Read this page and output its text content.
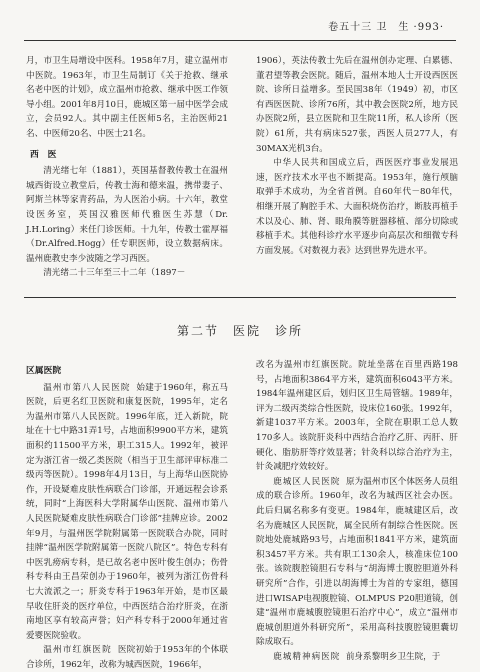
卷五十三 卫　生 ·993·

月，市卫生局增设中医科。1958年7月，建立温州市中医院。1963年，市卫生局制订《关于抢救、继承名老中医的计划》，成立温州市抢救、继承中医工作领导小组。2001年8月10日，鹿城区第一届中医学会成立，会员92人。其中副主任医师5名，主治医师21名、中医师20名、中医士21名。

西　医

清光绪七年（1881），英国基督教传教士在温州城西街设立教堂后，传教士海和德来温，携带妻子、阿斯兰林等家青药品，为人医治小病。十六年，教堂设医务室，英国汉雅医师代雅医生苏慧（Dr. J.H.Loring）来任门诊医师。十九年，传教士霍厚福（Dr.Alfred.Hogg）任专职医师，设立数据病床。温州鹿教史李少波随之学习西医。

清光绪二十三年至三十二年（1897－

1906），英法传教士先后在温州创办定理、白累德、董君望等教会医院。随后，温州本地人士开设西医医院、诊所日益增多。至民国38年（1949）初，市区有西医医院、诊所76所，其中教会医院2所，地方民办医院2所，县立医院和卫生院11所，私人诊所（医院）61所，共有病床527张，西医人员277人，有30MAX光机3台。

中华人民共和国成立后，西医医疗事业发展迅速，医疗技术水平也不断提高。1953年，施行颅脑取弹手术成功，为全省首例。自60年代－80年代，相继开展了胸腔手术、大面积烧伤治疗，断肢再植手术以及心、肺、肾、眼角膜等脏器移植、部分切除或移植手术。其他科诊疗水平逐步向高层次和细微专科方面发展。《对数视力表》达到世界先进水平。

第二节　医院　诊所

区属医院

温州市第八人民医院 始建于1960年，称五马医院，后更名红卫医院和康复医院，1995年，定名为温州市第八人民医院。1996年底，迁入新院，院址在十七中路31弄1号，占地面积9900平方米，建筑面积约11500平方米，职工315人。1992年，被评定为浙江省一级乙类医院（相当于卫生部评审标准二级丙等医院）。1998年4月13日，与上海华山医院协作，开设疑难皮肤性病联合门诊部，开通远程会诊系统，同时“上海医科大学附属华山医院、温州市第八人民医院疑难皮肤性病联合门诊部”挂牌应诊。2002年9月，与温州医学院附属第一医院联合办院，同时挂牌“温州医学院附属第一医院八院区”。特色专科有中医乳痨病专科，是已故名老中医叶俊生创办；伤骨科专科由王昌荣创办于1960年，被列为浙江伤骨科七大流派之一；肝炎专科于1963年开始，是市区最早收住肝炎的医疗单位，中西医结合治疗肝炎，在浙南地区享有较高声誉；妇产科专科于2000年通过省爱婴医院验收。

温州市红旗医院 医院初始于1953年的个体联合诊所，1962年，改称为城西医院，1966年，

改名为温州市红旗医院。院址坐落在百里西路198号，占地面积3864平方米，建筑面积6043平方米。1984年温州建区后，划归区卫生局管辖。1989年，评为二级丙类综合性医院，设床位160张。1992年，新建1037平方米。2003年，全院在职职工总人数170多人。该院肝炎科中西结合治疗乙肝、丙肝、肝硬化、脂肪肝等疗效显著；针灸科以综合治疗为主，针灸减肥疗效较好。

鹿城区人民医院 原为温州市区个体医务人员组成的联合诊所。1960年，改名为城西区社会办医。此后归属名称多有变更。1984年，鹿城建区后，改名为鹿城区人民医院，属全民所有制综合性医院。医院地处鹿城路93号，占地面积1841平方米，建筑面积3457平方米。共有职工130余人，核准床位100张。该院腹腔镜胆石专科与“胡海博士腹腔胆道外科研究所”合作，引进以胡海博士为首的专家组，德国进口WISAP电视腹腔镜、OLMPUS P20胆道镜，创建“温州市鹿城腹腔镜胆石治疗中心”，成立“温州市鹿城创胆道外科研究所”，采用高科技腹腔镜胆囊切除成取石。

鹿城精神病医院 前身系黎明乡卫生院，于
